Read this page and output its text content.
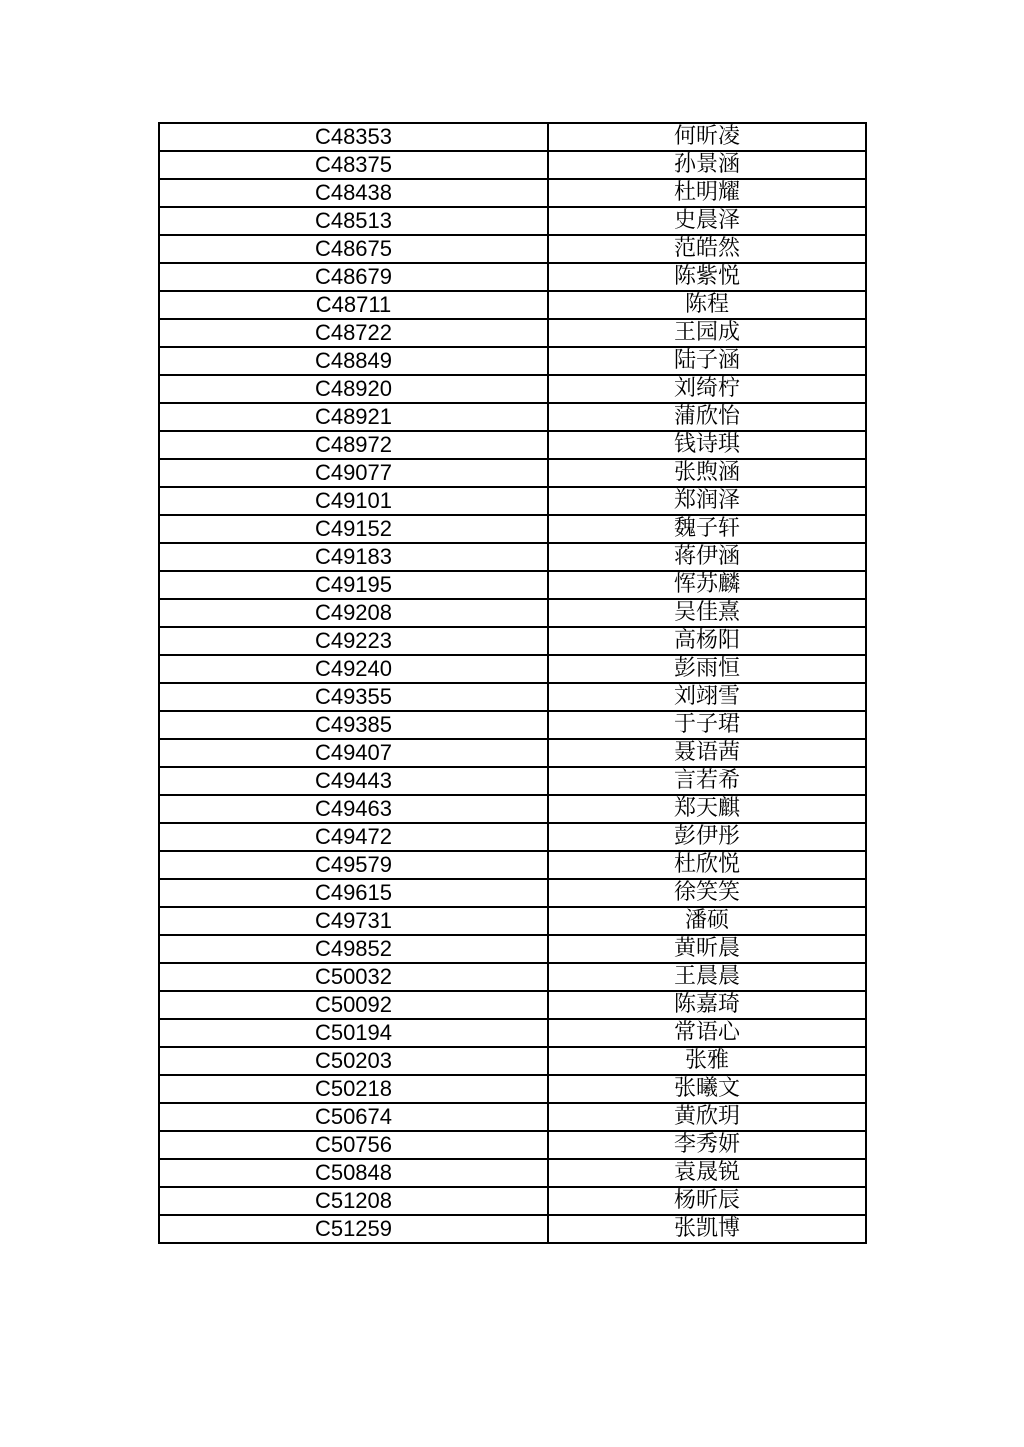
C48353	何昕凌
C48375	孙景涵
C48438	杜明耀
C48513	史晨泽
C48675	范皓然
C48679	陈紫悦
C48711	陈程
C48722	王园成
C48849	陆子涵
C48920	刘绮柠
C48921	蒲欣怡
C48972	钱诗琪
C49077	张煦涵
C49101	郑润泽
C49152	魏子轩
C49183	蒋伊涵
C49195	恽苏麟
C49208	吴佳熹
C49223	高杨阳
C49240	彭雨恒
C49355	刘翊雪
C49385	于子珺
C49407	聂语茜
C49443	言若希
C49463	郑天麒
C49472	彭伊彤
C49579	杜欣悦
C49615	徐笑笑
C49731	潘硕
C49852	黄昕晨
C50032	王晨晨
C50092	陈嘉琦
C50194	常语心
C50203	张雅
C50218	张曦文
C50674	黄欣玥
C50756	李秀妍
C50848	袁晟锐
C51208	杨昕辰
C51259	张凯博
